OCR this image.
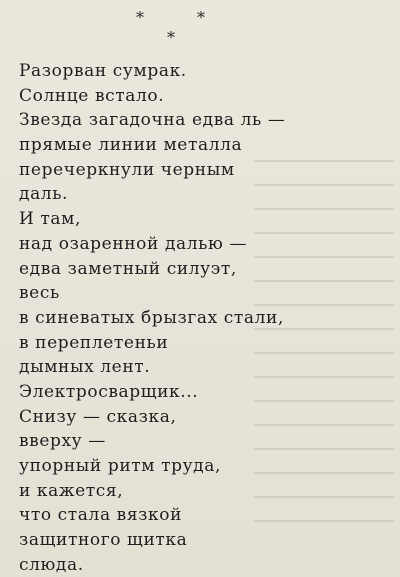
*	*
*
Разорван сумрак.
Солнце встало.
Звезда загадочна едва ль —
прямые линии металла
перечеркнули черным
даль.
И там,
над озаренной далью —
едва заметный силуэт,
весь
в синеватых брызгах стали,
в переплетеньи
дымных лент.
Электросварщик...
Снизу — сказка,
вверху —
упорный ритм труда,
и кажется,
что стала вязкой
защитного щитка
слюда.
